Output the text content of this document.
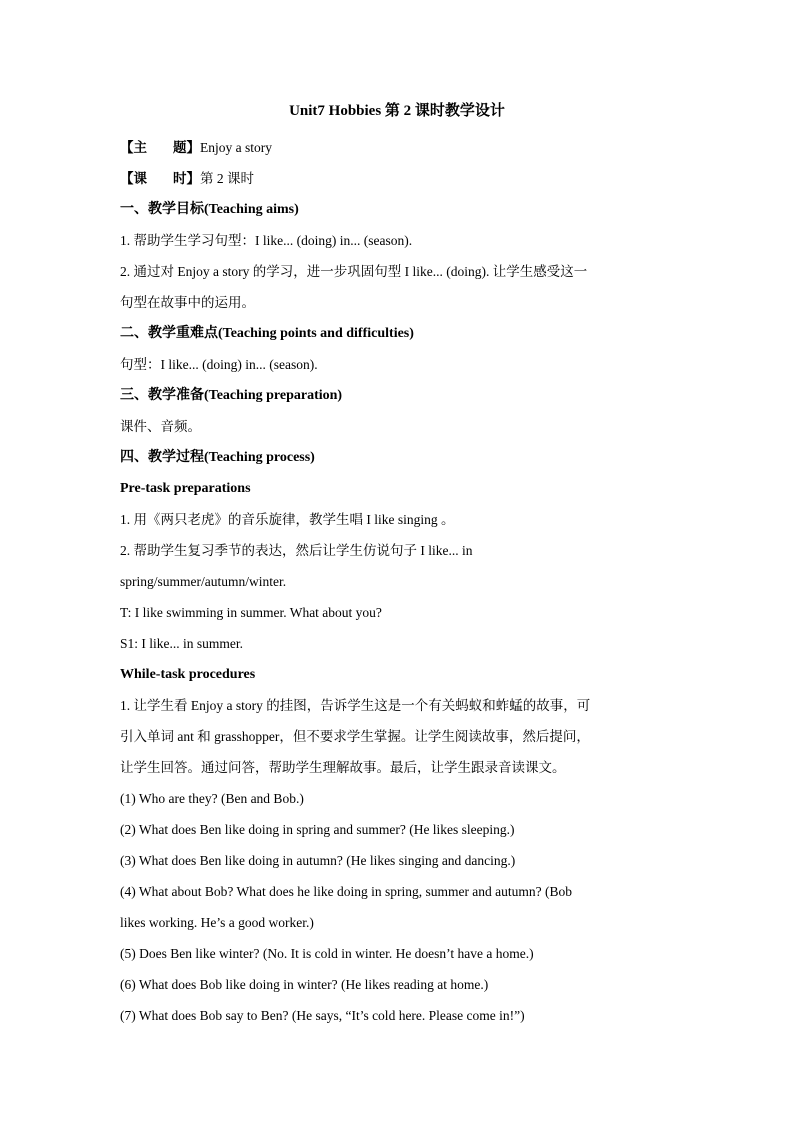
Unit7 Hobbies 第 2 课时教学设计
【主 题】Enjoy a story
【课 时】第 2 课时
一、教学目标(Teaching aims)
1. 帮助学生学习句型：I like... (doing) in... (season).
2. 通过对 Enjoy a story 的学习，进一步巩固句型 I like... (doing). 让学生感受这一
句型在故事中的运用。
二、教学重难点(Teaching points and difficulties)
句型：I like... (doing) in... (season).
三、教学准备(Teaching preparation)
课件、音频。
四、教学过程(Teaching process)
Pre-task preparations
1. 用《两只老虎》的音乐旋律，教学生唱 I like singing 。
2. 帮助学生复习季节的表达，然后让学生仿说句子 I like... in
spring/summer/autumn/winter.
T: I like swimming in summer. What about you?
S1: I like... in summer.
While-task procedures
1. 让学生看 Enjoy a story 的挂图，告诉学生这是一个有关蚂蚁和蚱蜢的故事，可
引入单词 ant 和 grasshopper，但不要求学生掌握。让学生阅读故事，然后提问，
让学生回答。通过问答，帮助学生理解故事。最后，让学生跟录音读课文。
(1) Who are they? (Ben and Bob.)
(2) What does Ben like doing in spring and summer? (He likes sleeping.)
(3) What does Ben like doing in autumn? (He likes singing and dancing.)
(4) What about Bob? What does he like doing in spring, summer and autumn? (Bob
likes working. He’s a good worker.)
(5) Does Ben like winter? (No. It is cold in winter. He doesn’t have a home.)
(6) What does Bob like doing in winter? (He likes reading at home.)
(7) What does Bob say to Ben? (He says, “It’s cold here. Please come in!”)
